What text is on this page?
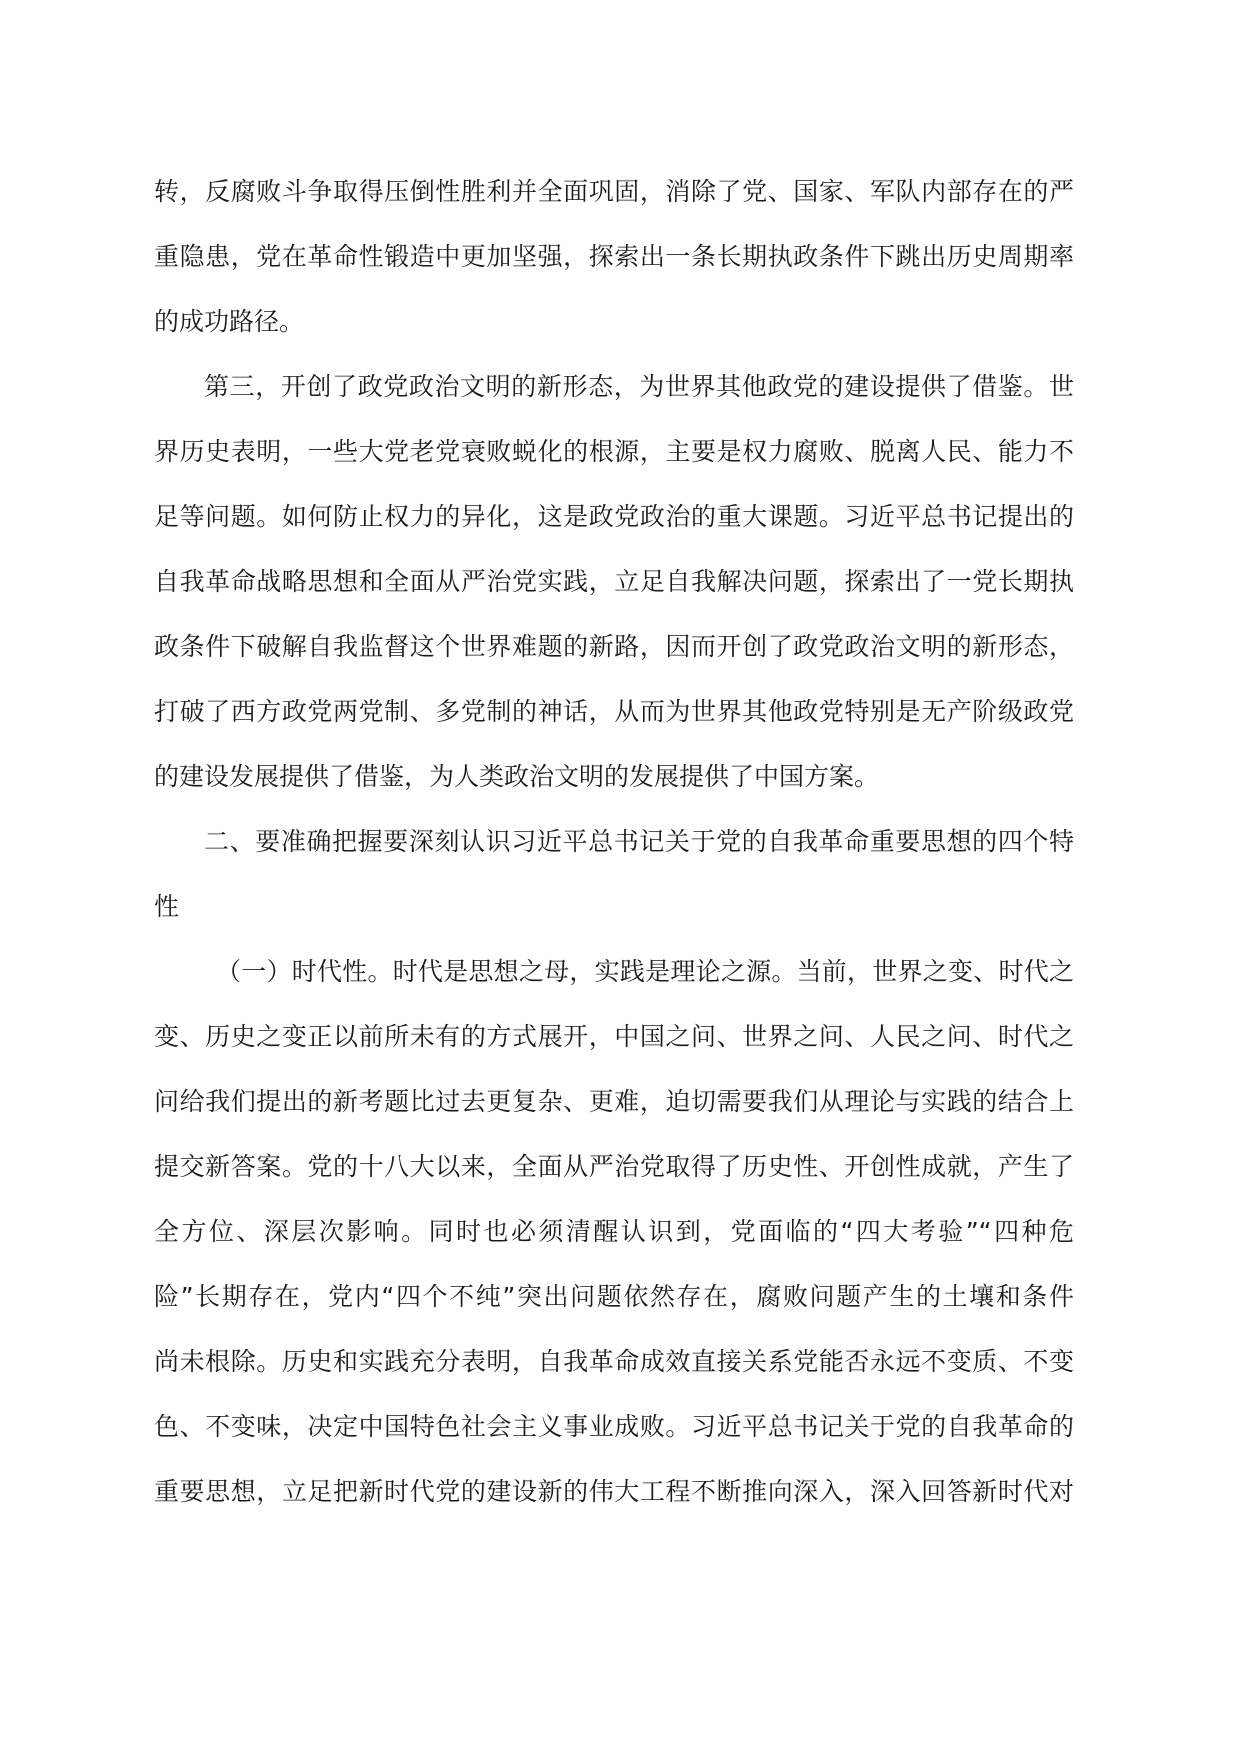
转，反腐败斗争取得压倒性胜利并全面巩固，消除了党、国家、军队内部存在的严
重隐患，党在革命性锻造中更加坚强，探索出一条长期执政条件下跳出历史周期率
的成功路径。
第三，开创了政党政治文明的新形态，为世界其他政党的建设提供了借鉴。世
界历史表明，一些大党老党衰败蜕化的根源，主要是权力腐败、脱离人民、能力不
足等问题。如何防止权力的异化，这是政党政治的重大课题。习近平总书记提出的
自我革命战略思想和全面从严治党实践，立足自我解决问题，探索出了一党长期执
政条件下破解自我监督这个世界难题的新路，因而开创了政党政治文明的新形态，
打破了西方政党两党制、多党制的神话，从而为世界其他政党特别是无产阶级政党
的建设发展提供了借鉴，为人类政治文明的发展提供了中国方案。
二、要准确把握要深刻认识习近平总书记关于党的自我革命重要思想的四个特
性
（一）时代性。时代是思想之母，实践是理论之源。当前，世界之变、时代之
变、历史之变正以前所未有的方式展开，中国之问、世界之问、人民之问、时代之
问给我们提出的新考题比过去更复杂、更难，迫切需要我们从理论与实践的结合上
提交新答案。党的十八大以来，全面从严治党取得了历史性、开创性成就，产生了
全方位、深层次影响。同时也必须清醒认识到，党面临的“四大考验”“四种危
险”长期存在，党内“四个不纯”突出问题依然存在，腐败问题产生的土壤和条件
尚未根除。历史和实践充分表明，自我革命成效直接关系党能否永远不变质、不变
色、不变味，决定中国特色社会主义事业成败。习近平总书记关于党的自我革命的
重要思想，立足把新时代党的建设新的伟大工程不断推向深入，深入回答新时代对
